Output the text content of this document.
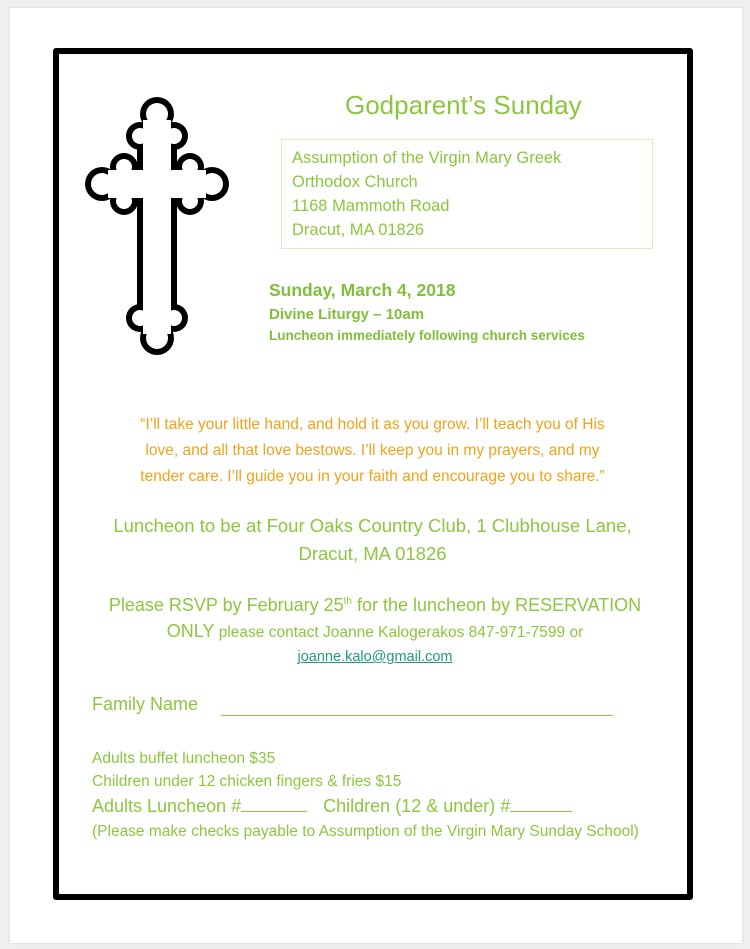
Godparent’s Sunday
Assumption of the Virgin Mary Greek
Orthodox Church
1168 Mammoth Road
Dracut, MA 01826
Sunday, March 4, 2018
Divine Liturgy – 10am
Luncheon immediately following church services
“I’ll take your little hand, and hold it as you grow. I’ll teach you of His
love, and all that love bestows. I’ll keep you in my prayers, and my
tender care. I’ll guide you in your faith and encourage you to share.”
Luncheon to be at Four Oaks Country Club, 1 Clubhouse Lane,
Dracut, MA 01826
Please RSVP by February 25th for the luncheon by RESERVATION
ONLY please contact Joanne Kalogerakos 847-971-7599 or
joanne.kalo@gmail.com
Family Name
Adults buffet luncheon $35
Children under 12 chicken fingers & fries $15
Adults Luncheon #	Children (12 & under) #
(Please make checks payable to Assumption of the Virgin Mary Sunday School)
